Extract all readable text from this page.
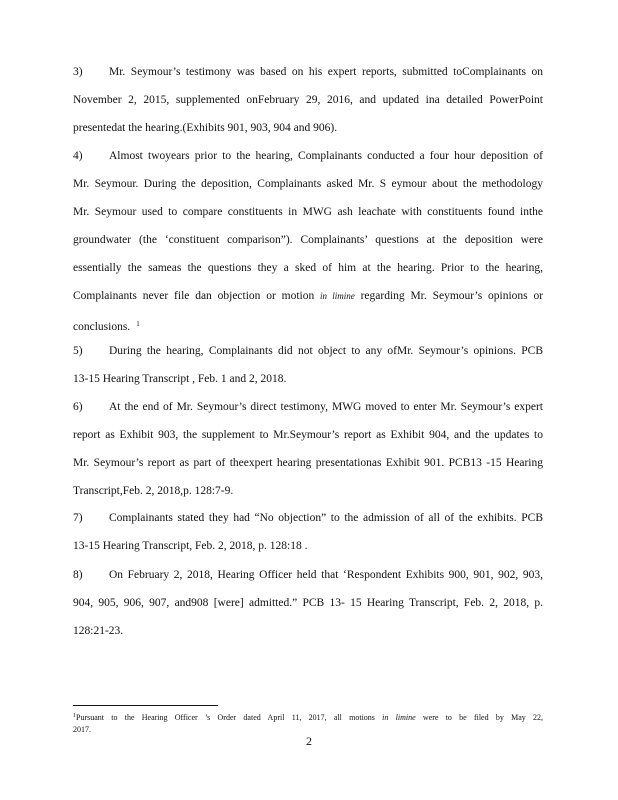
3) Mr. Seymour’s testimony was based on his expert reports, submitted toComplainants on
November 2, 2015, supplemented onFebruary 29, 2016, and updated ina detailed PowerPoint
presentedat the hearing.(Exhibits 901, 903, 904 and 906).
4) Almost twoyears prior to the hearing, Complainants conducted a four hour deposition of
Mr. Seymour. During the deposition, Complainants asked Mr. S eymour about the methodology
Mr. Seymour used to compare constituents in MWG ash leachate with constituents found inthe
groundwater (the ‘constituent comparison”). Complainants’ questions at the deposition were
essentially the sameas the questions they a sked of him at the hearing. Prior to the hearing,
Complainants never file dan objection or motion in limine regarding Mr. Seymour’s opinions or
conclusions. $^1$
5) During the hearing, Complainants did not object to any ofMr. Seymour’s opinions. PCB
13-15 Hearing Transcript , Feb. 1 and 2, 2018.
6) At the end of Mr. Seymour’s direct testimony, MWG moved to enter Mr. Seymour’s expert
report as Exhibit 903, the supplement to Mr.Seymour’s report as Exhibit 904, and the updates to
Mr. Seymour’s report as part of theexpert hearing presentationas Exhibit 901. PCB13 -15 Hearing
Transcript,Feb. 2, 2018,p. 128:7-9.
7) Complainants stated they had “No objection” to the admission of all of the exhibits. PCB
13-15 Hearing Transcript, Feb. 2, 2018, p. 128:18 .
8) On February 2, 2018, Hearing Officer held that ‘Respondent Exhibits 900, 901, 902, 903,
904, 905, 906, 907, and908 [were] admitted.” PCB 13- 15 Hearing Transcript, Feb. 2, 2018, p.
128:21-23.
$^1$Pursuant to the Hearing Officer ’s Order dated April 11, 2017, all motions in limine were to be filed by May 22,
2017.
2
